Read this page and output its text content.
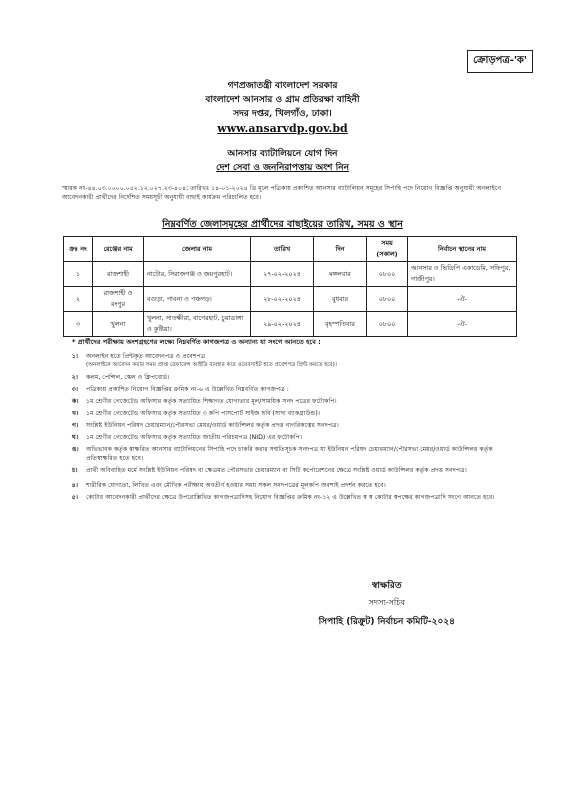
ক্রোড়পত্র-'ক'
গণপ্রজাতন্ত্রী বাংলাদেশ সরকার
বাংলাদেশ আনসার ও গ্রাম প্রতিরক্ষা বাহিনী
সদর দপ্তর, খিলগাঁও, ঢাকা।
www.ansarvdp.gov.bd
আনসার ব্যাটালিয়নে যোগ দিন
দেশ সেবা ও জননিরাপত্তায় অংশ নিন
স্মারক নং-৪৪.০৩.০০০০.০৫২.১২.০২৭.২৩-৪০৪; তারিখঃ ১৪-০১-২০২৪ খ্রি মূলে পত্রিকায় প্রকাশিত আনসার ব্যাটালিয়ন সমূহের সিপাহি পদে নিয়োগ বিজ্ঞপ্তি অনুযায়ী অনলাইনে আবেদনকারী প্রার্থীদের নির্দেশিত সময়সূচী অনুযায়ী বাছাই কার্যক্রম পরিচালিত হবে।
নিম্নবর্ণিত জেলাসমূহের প্রার্থীদের বাছাইয়ের তারিখ, সময় ও স্থান
ক্রঃ নং	রেঞ্জের নাম	জেলার নাম	তারিখ	দিন	সময় (সকাল)	নির্বাচন স্থানের নাম
১	রাজশাহী	নাটোর, সিরাজগঞ্জ ও জয়পুরহাট।	২৭-০২-২০২৪	মঙ্গলবার	০৮০০	আনসার ও ভিডিপি একাডেমি, সফিপুর, গাজীপুর।
২	রাজশাহী ও রংপুর	বগুড়া, পাবনা ও পঞ্চগড়।	২৮-০২-২০২৪	বুধবার	০৮০০	-ঐ-
৩	খুলনা	খুলনা, সাতক্ষীরা, বাগেরহাট, চুয়াডাঙ্গা ও কুষ্টিয়া।	২৯-০২-২০২৪	বৃহস্পতিবার	০৮০০	-ঐ-
* প্রার্থীদের পরীক্ষায় অংশগ্রহণের লক্ষ্যে নিম্নবর্ণিত কাগজপত্র ও অন্যান্য যা সংগে আনতে হবে :
১। অনলাইন হতে প্রিন্টকৃত আবেদনপত্র ও প্রবেশপত্র
(অনলাইনে আবেদন করার সময় প্রাপ্ত রেফারেন্স আইডি ব্যবহার করে ওয়েবসাইট হতে প্রবেশপত্র প্রিন্ট করতে হবে)।
২। কলম, পেন্সিল, স্কেল ও ক্লিপবোর্ড।
৩। পত্রিকায় প্রকাশিত নিয়োগ বিজ্ঞপ্তির ক্রমিক নং-৬ এ উল্লেখিত নিম্নবর্ণিত কাগজপত্র :
ক। ১ম শ্রেণীর গেজেটেড অফিসার কর্তৃক সত্যায়িত শিক্ষাগত যোগ্যতার মূল/সাময়িক সনদ পত্রের ফটোকপি।
খ। ১ম শ্রেণীর গেজেটেড অফিসার কর্তৃক সত্যায়িত ৩ কপি পাসপোর্ট সাইজ ছবি (সাদা ব্যাকগ্রাউন্ড)।
গ। সংশ্লিষ্ট ইউনিয়ন পরিষদ চেয়ারম্যান/পৌরসভা মেয়র/ওয়ার্ড কাউন্সিলর কর্তৃক প্রদত্ত নাগরিকত্বের সনদপত্র।
ঘ। ১ম শ্রেণীর গেজেটেড অফিসার কর্তৃক সত্যায়িত জাতীয় পরিচয়পত্র (NID) এর ফটোকপি।
ঙ। অভিভাবক কর্তৃক স্বাক্ষরিত আনসার ব্যাটালিয়নের সিপাহি পদে চাকরি করার সম্মতিসূচক সনদপত্র যা ইউনিয়ন পরিষদ চেয়ারম্যান/পৌরসভা মেয়র/ওয়ার্ড কাউন্সিলর কর্তৃক প্রতিস্বাক্ষরিত হতে হবে।
চ। প্রার্থী অবিবাহিত মর্মে সংশ্লিষ্ট ইউনিয়ন পরিষদ বা ক্ষেত্রমত পৌরসভার চেয়ারম্যান বা সিটি কর্পোরেশনের ক্ষেত্রে সংশ্লিষ্ট ওয়ার্ড কাউন্সিলর কর্তৃক প্রদত্ত সনদপত্র।
৪। শারীরিক যোগ্যতা, লিখিত এবং মৌখিক পরীক্ষায় অবতীর্ণ হওয়ার সময় সকল সনদপত্রের মূলকপি অবশ্যই প্রদর্শন করতে হবে।
৫। কোটার আবেদনকারী প্রার্থীদের ক্ষেত্রে উপরোল্লিখিত কাগজপত্রাদিসহ নিয়োগ বিজ্ঞপ্তির ক্রমিক নং-১২ এ উল্লেখিত স্ব স্ব কোটার স্বপক্ষের কাগজপত্রাদি সংগে আনতে হবে।
স্বাক্ষরিত
সদস্য-সচিব
সিপাহি (রিক্রুট) নির্বাচন কমিটি-২০২৪
